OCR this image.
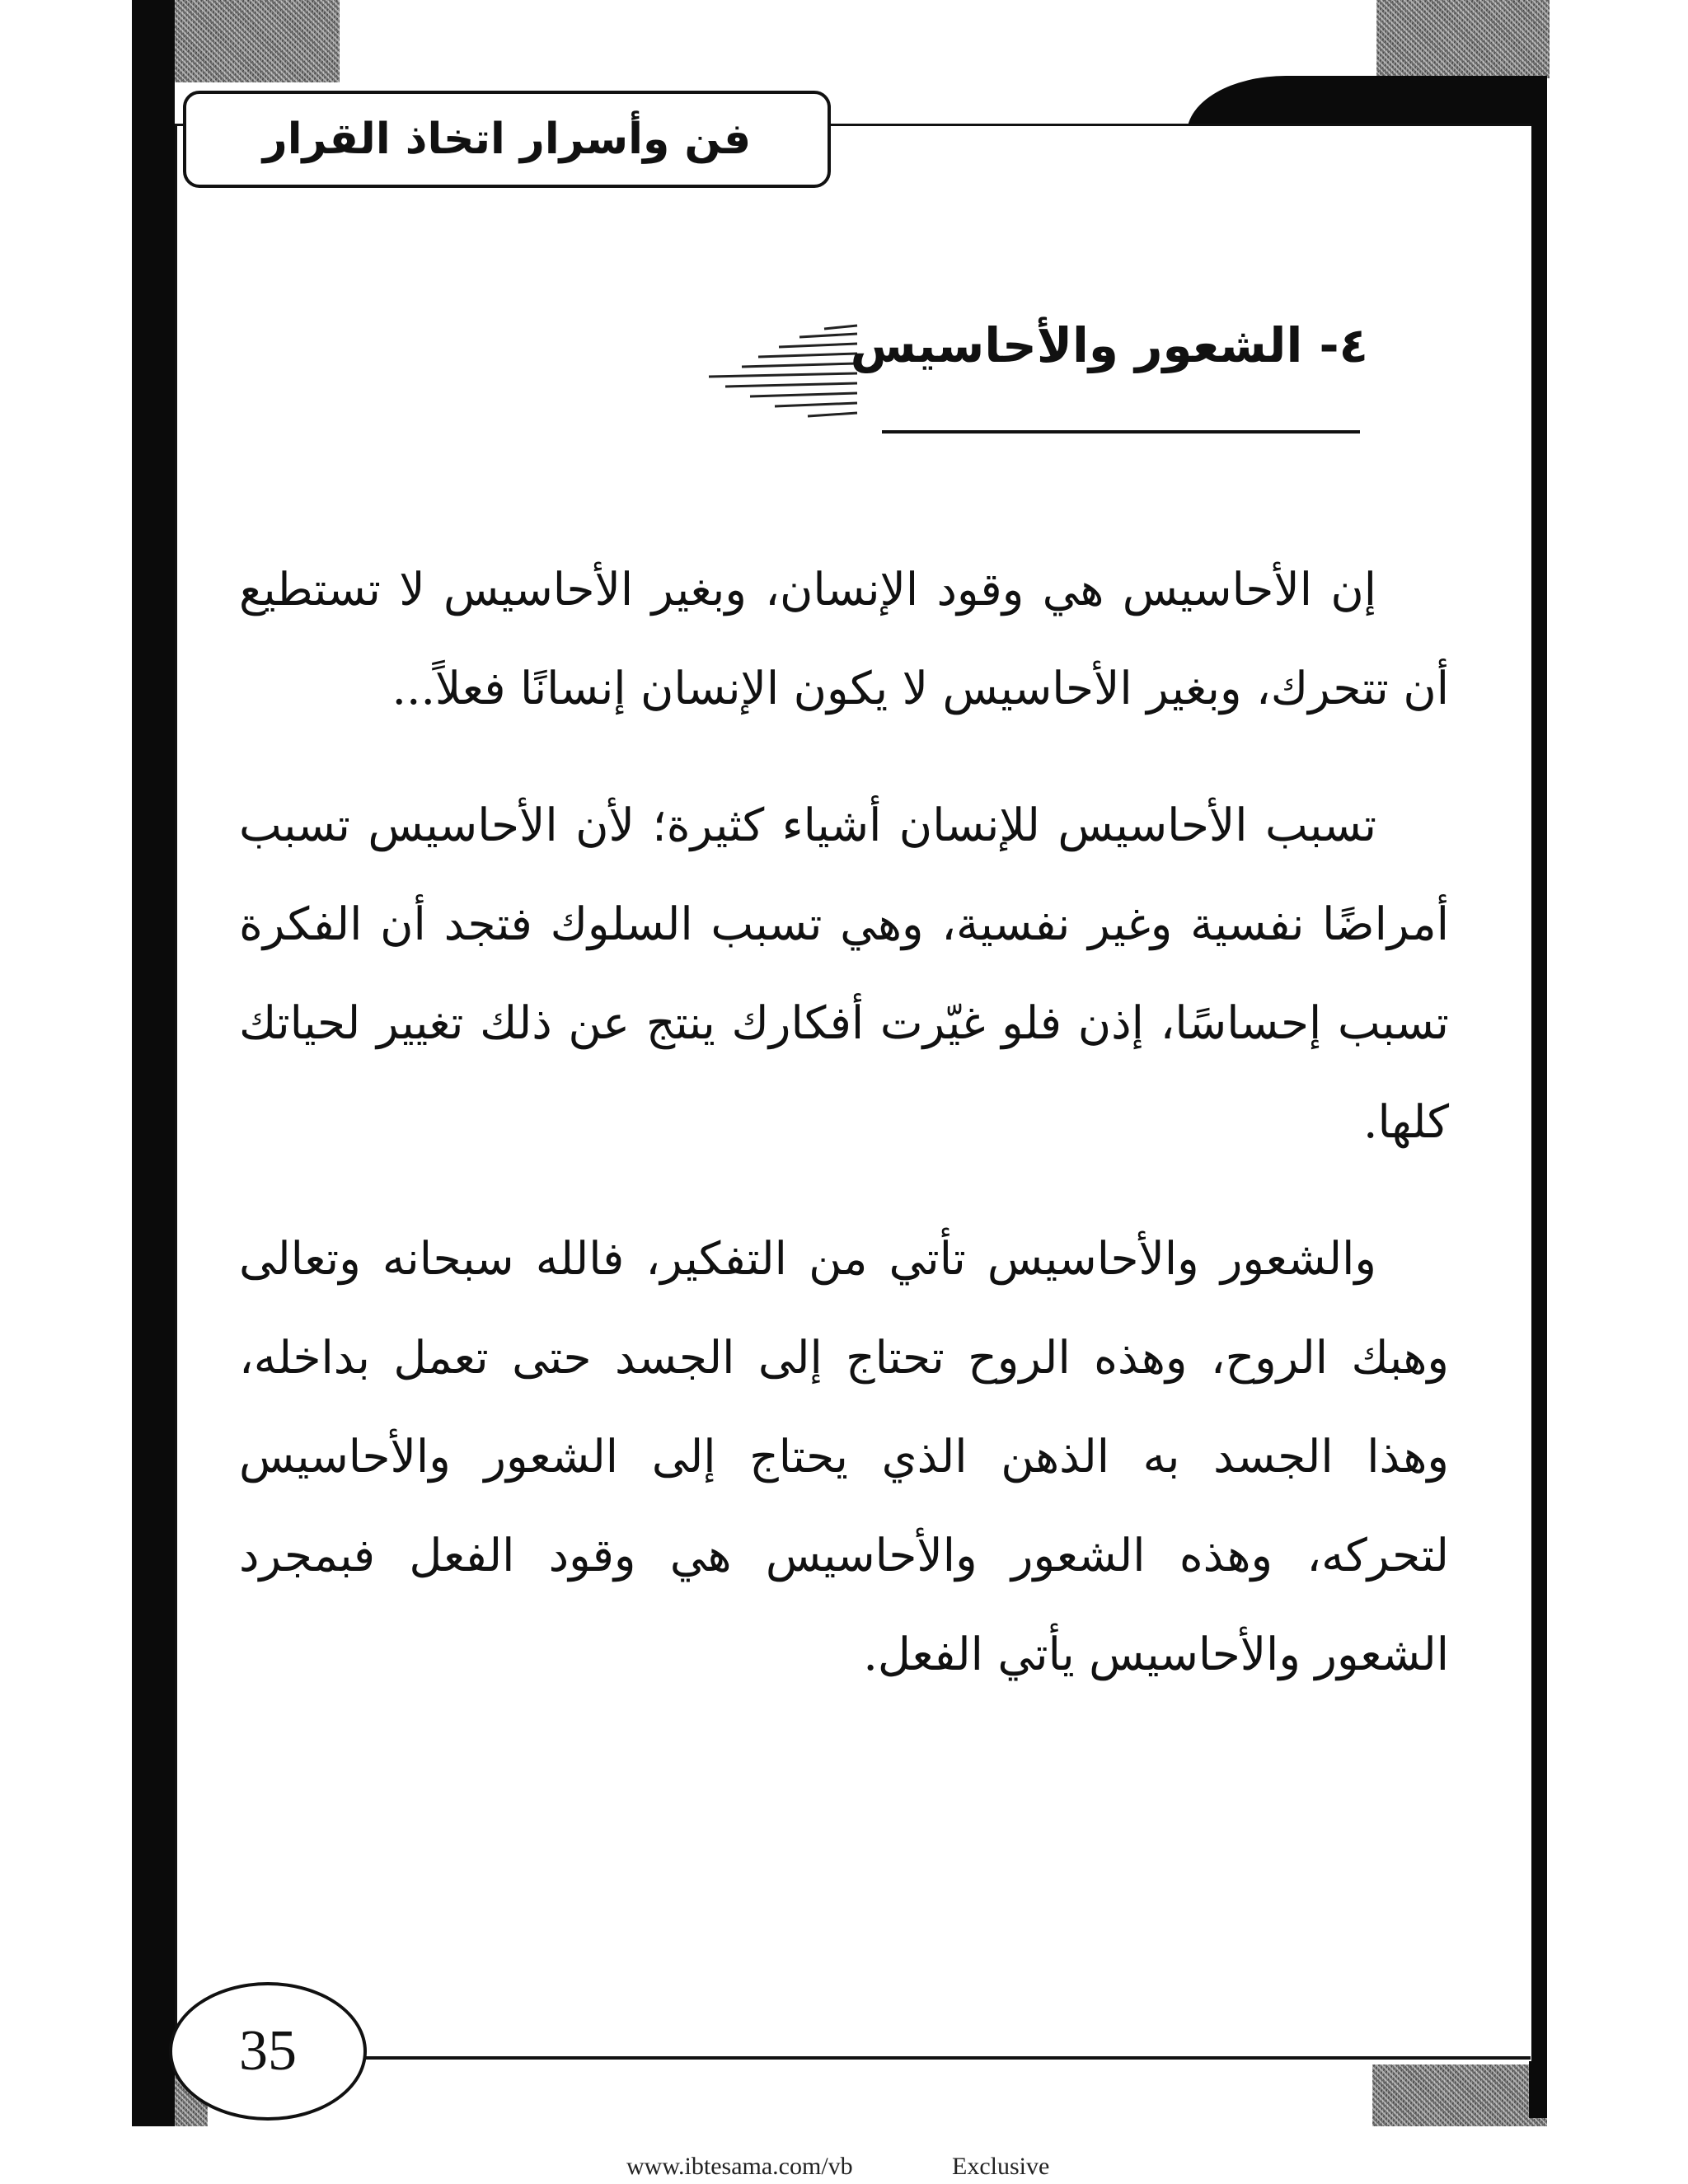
فن وأسرار اتخاذ القرار
٤- الشعور والأحاسيس

إن الأحاسيس هي وقود الإنسان، وبغير الأحاسيس لا تستطيع أن تتحرك، وبغير الأحاسيس لا يكون الإنسان إنسانًا فعلاً...

تسبب الأحاسيس للإنسان أشياء كثيرة؛ لأن الأحاسيس تسبب أمراضًا نفسية وغير نفسية، وهي تسبب السلوك فتجد أن الفكرة تسبب إحساسًا، إذن فلو غيّرت أفكارك ينتج عن ذلك تغيير لحياتك كلها.

والشعور والأحاسيس تأتي من التفكير، فالله سبحانه وتعالى وهبك الروح، وهذه الروح تحتاج إلى الجسد حتى تعمل بداخله، وهذا الجسد به الذهن الذي يحتاج إلى الشعور والأحاسيس لتحركه، وهذه الشعور والأحاسيس هي وقود الفعل فبمجرد الشعور والأحاسيس يأتي الفعل.

35
www.ibtesama.com/vb	Exclusive
